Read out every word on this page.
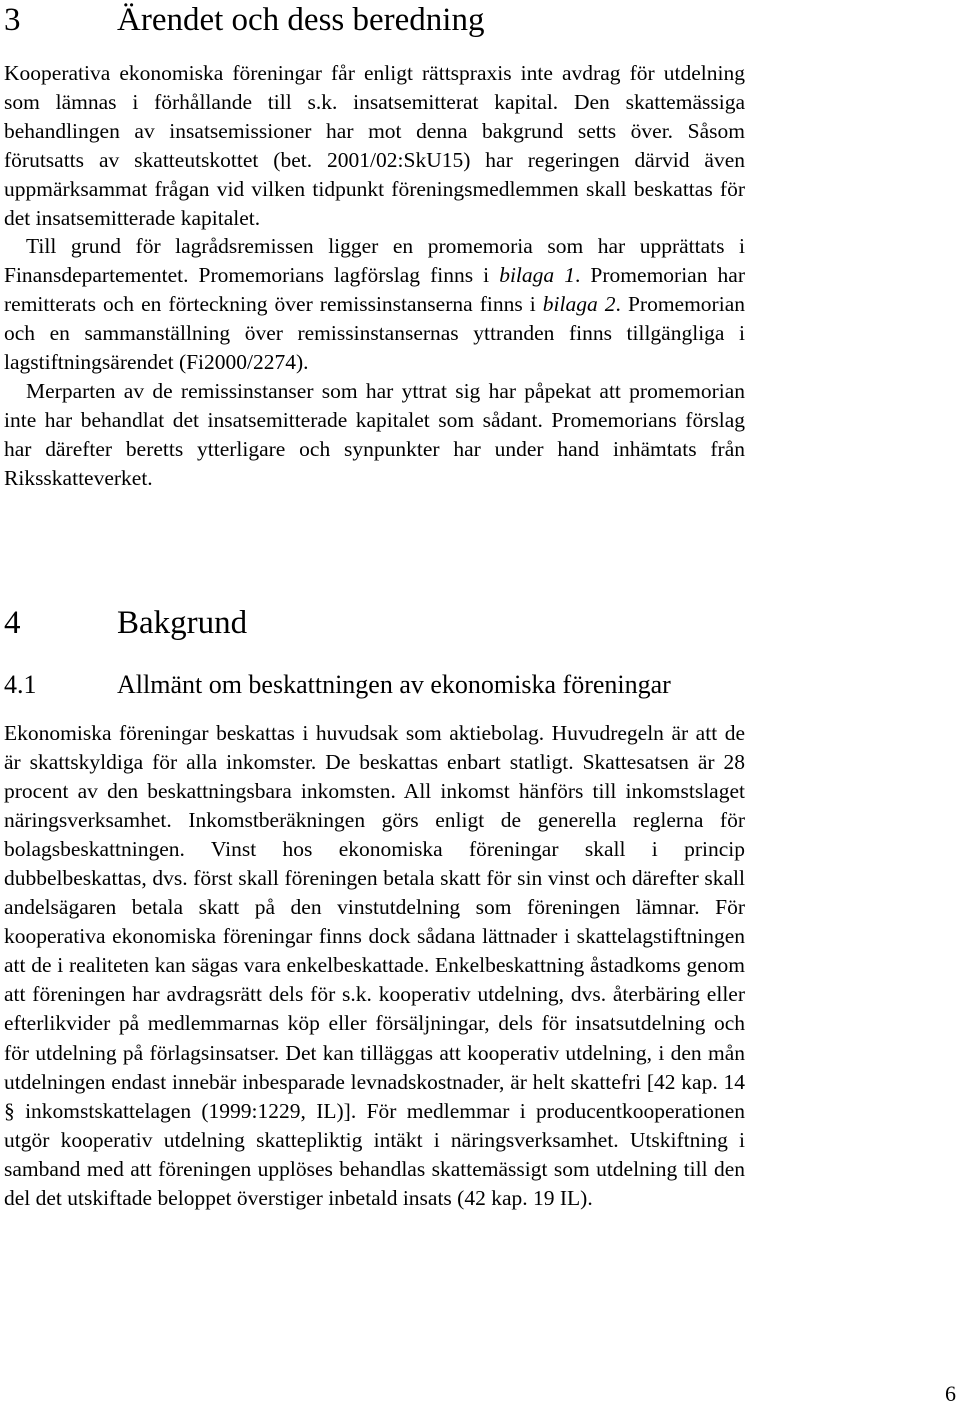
3	Ärendet och dess beredning

Kooperativa ekonomiska föreningar får enligt rättspraxis inte avdrag för utdelning som lämnas i förhållande till s.k. insatsemitterat kapital. Den skattemässiga behandlingen av insatsemissioner har mot denna bakgrund setts över. Såsom förutsatts av skatteutskottet (bet. 2001/02:SkU15) har regeringen därvid även uppmärksammat frågan vid vilken tidpunkt föreningsmedlemmen skall beskattas för det insatsemitterade kapitalet.

Till grund för lagrådsremissen ligger en promemoria som har upprättats i Finansdepartementet. Promemorians lagförslag finns i bilaga 1. Promemorian har remitterats och en förteckning över remissinstanserna finns i bilaga 2. Promemorian och en sammanställning över remissinstansernas yttranden finns tillgängliga i lagstiftningsärendet (Fi2000/2274).

Merparten av de remissinstanser som har yttrat sig har påpekat att promemorian inte har behandlat det insatsemitterade kapitalet som sådant. Promemorians förslag har därefter beretts ytterligare och synpunkter har under hand inhämtats från Riksskatteverket.

4	Bakgrund
4.1	Allmänt om beskattningen av ekonomiska föreningar

Ekonomiska föreningar beskattas i huvudsak som aktiebolag. Huvudregeln är att de är skattskyldiga för alla inkomster. De beskattas enbart statligt. Skattesatsen är 28 procent av den beskattningsbara inkomsten. All inkomst hänförs till inkomstslaget näringsverksamhet. Inkomstberäkningen görs enligt de generella reglerna för bolagsbeskattningen. Vinst hos ekonomiska föreningar skall i princip dubbelbeskattas, dvs. först skall föreningen betala skatt för sin vinst och därefter skall andelsägaren betala skatt på den vinstutdelning som föreningen lämnar. För kooperativa ekonomiska föreningar finns dock sådana lättnader i skattelagstiftningen att de i realiteten kan sägas vara enkelbeskattade. Enkelbeskattning åstadkoms genom att föreningen har avdragsrätt dels för s.k. kooperativ utdelning, dvs. återbäring eller efterlikvider på medlemmarnas köp eller försäljningar, dels för insatsutdelning och för utdelning på förlagsinsatser. Det kan tilläggas att kooperativ utdelning, i den mån utdelningen endast innebär inbesparade levnadskostnader, är helt skattefri [42 kap. 14 § inkomstskattelagen (1999:1229, IL)]. För medlemmar i producentkooperationen utgör kooperativ utdelning skattepliktig intäkt i näringsverksamhet. Utskiftning i samband med att föreningen upplöses behandlas skattemässigt som utdelning till den del det utskiftade beloppet överstiger inbetald insats (42 kap. 19 IL).

6
